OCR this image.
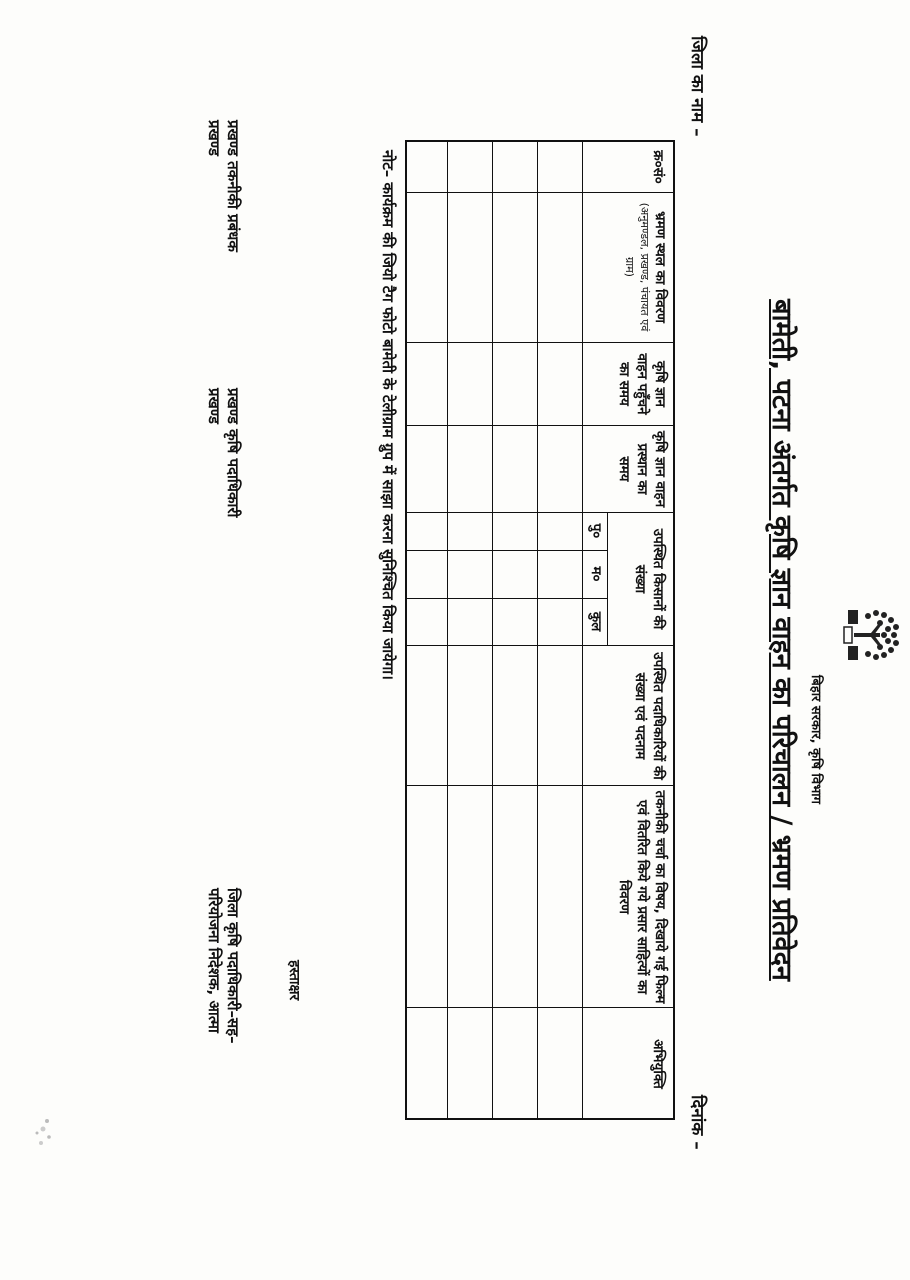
बिहार सरकार, कृषि विभाग
बामेती, पटना अंतर्गत कृषि ज्ञान वाहन का परिचालन / भ्रमण प्रतिवेदन
जिला का नाम –
दिनांक –
क्र०सं०
भ्रमण स्थल का विवरण
(अनुमण्डल, प्रखण्ड, पंचायत एवं ग्राम)
कृषि ज्ञान वाहन पहुँचने का समय
कृषि ज्ञान वाहन प्रस्थान का समय
उपस्थित किसानों की संख्या
पु०
म०
कुल
उपस्थित पदाधिकारियों की संख्या एवं पदनाम
तकनीकी चर्चा का विषय, दिखाये गई फिल्म एवं वितरित किये गये प्रसार साहित्यों का विवरण
अभियुक्ति
नोट– कार्यक्रम की जियो टैग फोटो बामेती के टेलीग्राम ग्रुप में साझा करना सुनिश्चित किया जायेगा।
हस्ताक्षर
प्रखण्ड तकनीकी प्रबंधक
प्रखण्ड
प्रखण्ड कृषि पदाधिकारी
प्रखण्ड
जिला कृषि पदाधिकारी–सह–
परियोजना निदेशक, आत्मा
